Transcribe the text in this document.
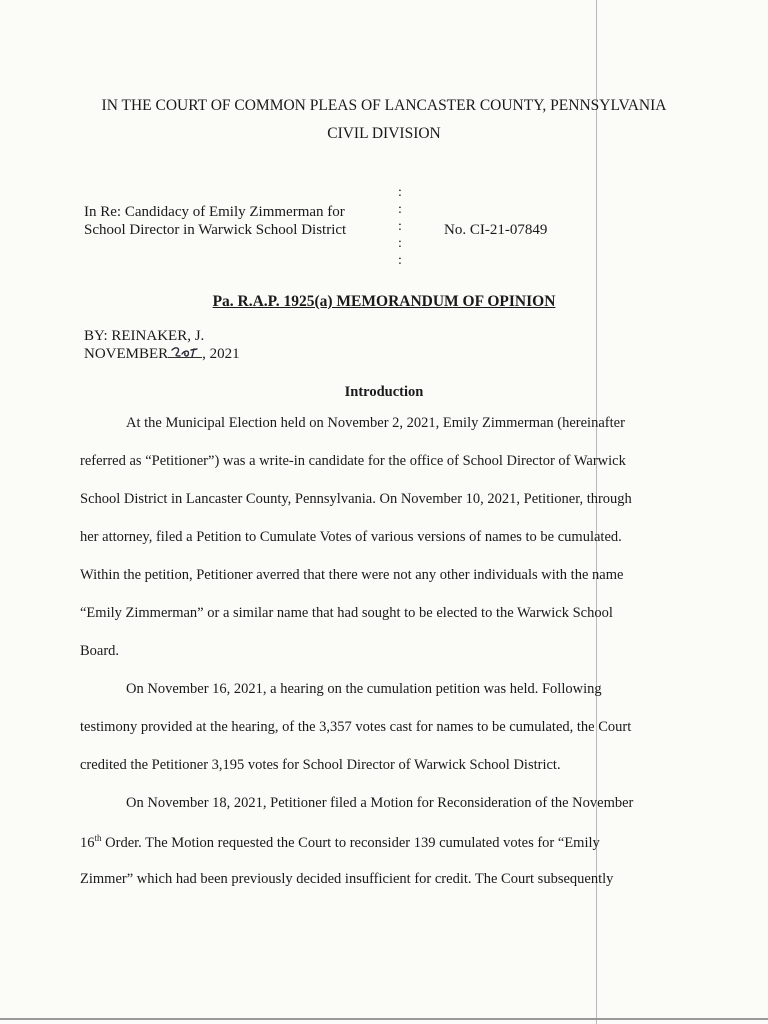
IN THE COURT OF COMMON PLEAS OF LANCASTER COUNTY, PENNSYLVANIA
CIVIL DIVISION
In Re: Candidacy of Emily Zimmerman for
School Director in Warwick School District
:
:
:
:
:
No. CI-21-07849
Pa. R.A.P. 1925(a) MEMORANDUM OF OPINION
BY: REINAKER, J.
NOVEMBER , 2021
Introduction
At the Municipal Election held on November 2, 2021, Emily Zimmerman (hereinafter
referred as “Petitioner”) was a write-in candidate for the office of School Director of Warwick
School District in Lancaster County, Pennsylvania. On November 10, 2021, Petitioner, through
her attorney, filed a Petition to Cumulate Votes of various versions of names to be cumulated.
Within the petition, Petitioner averred that there were not any other individuals with the name
“Emily Zimmerman” or a similar name that had sought to be elected to the Warwick School
Board.
On November 16, 2021, a hearing on the cumulation petition was held. Following
testimony provided at the hearing, of the 3,357 votes cast for names to be cumulated, the Court
credited the Petitioner 3,195 votes for School Director of Warwick School District.
On November 18, 2021, Petitioner filed a Motion for Reconsideration of the November
16th Order. The Motion requested the Court to reconsider 139 cumulated votes for “Emily
Zimmer” which had been previously decided insufficient for credit. The Court subsequently
